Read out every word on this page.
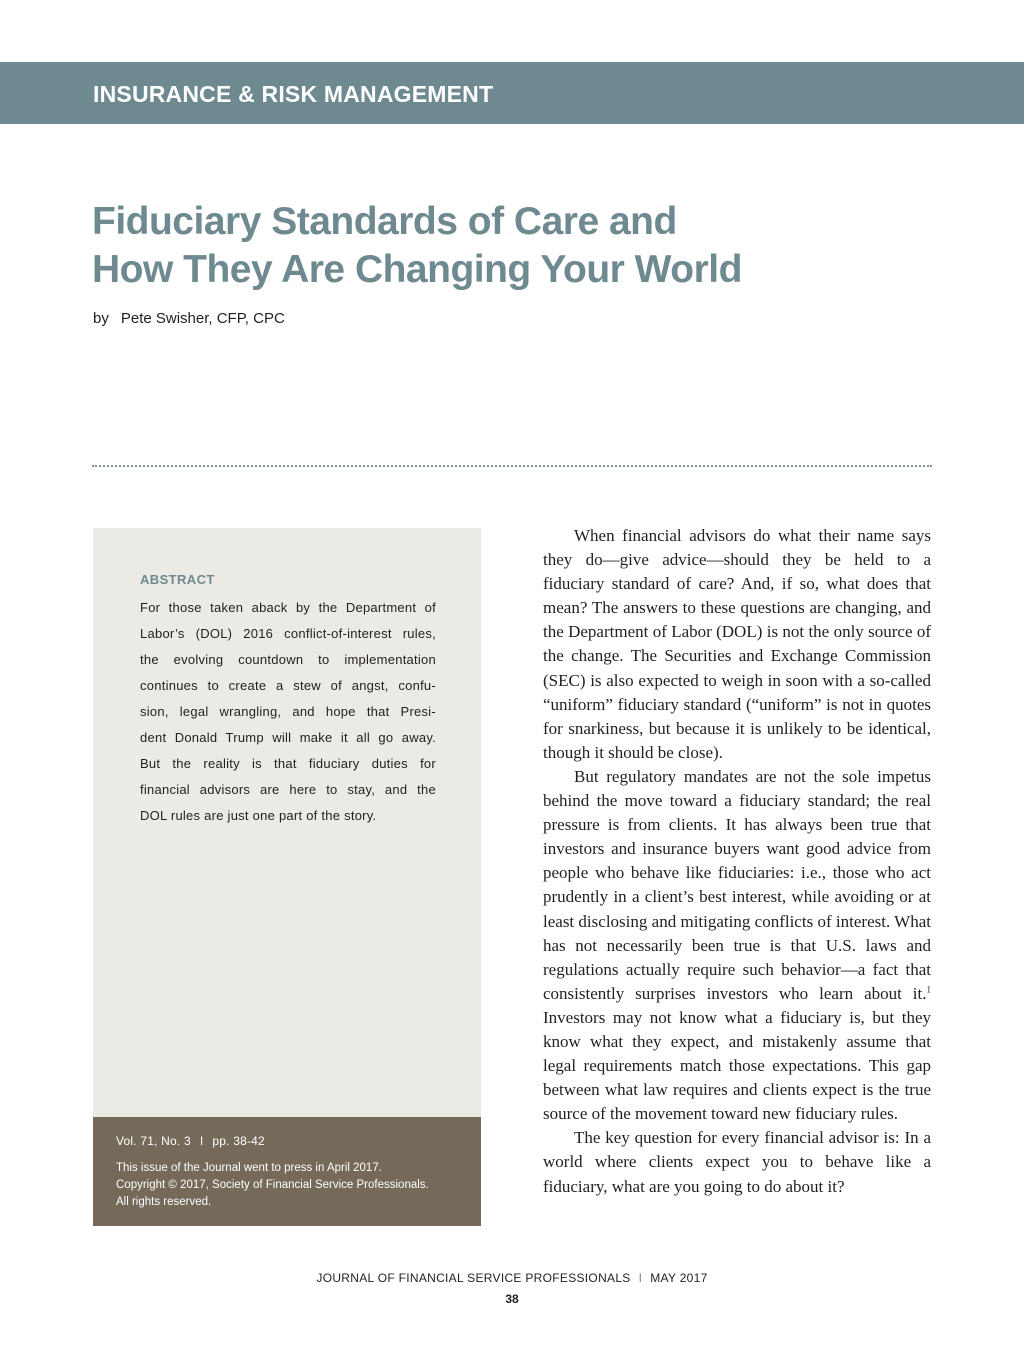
INSURANCE & RISK MANAGEMENT
Fiduciary Standards of Care and
How They Are Changing Your World
by Pete Swisher, CFP, CPC
ABSTRACT

For those taken aback by the Department of
Labor’s (DOL) 2016 conflict-of-interest rules,
the evolving countdown to implementation
continues to create a stew of angst, confu-
sion, legal wrangling, and hope that Presi-
dent Donald Trump will make it all go away.
But the reality is that fiduciary duties for
financial advisors are here to stay, and the
DOL rules are just one part of the story.

Vol. 71, No. 3 I pp. 38-42
This issue of the Journal went to press in April 2017.
Copyright © 2017, Society of Financial Service Professionals.
All rights reserved.

When financial advisors do what their name says they do—give advice—should they be held to a fiduciary standard of care? And, if so, what does that mean? The answers to these questions are changing, and the Department of Labor (DOL) is not the only source of the change. The Securities and Exchange Commission (SEC) is also expected to weigh in soon with a so-called “uniform” fiduciary standard (“uniform” is not in quotes for snarkiness, but because it is unlikely to be identical, though it should be close).

But regulatory mandates are not the sole impetus behind the move toward a fiduciary standard; the real pressure is from clients. It has always been true that investors and insurance buyers want good advice from people who behave like fiduciaries: i.e., those who act prudently in a client’s best interest, while avoiding or at least disclosing and mitigating conflicts of interest. What has not necessarily been true is that U.S. laws and regulations actually require such behavior—a fact that consistently surprises investors who learn about it.$^1$ Investors may not know what a fiduciary is, but they know what they expect, and mistakenly assume that legal requirements match those expectations. This gap between what law requires and clients expect is the true source of the movement toward new fiduciary rules.

The key question for every financial advisor is: In a world where clients expect you to behave like a fiduciary, what are you going to do about it?

JOURNAL OF FINANCIAL SERVICE PROFESSIONALS I MAY 2017
38
